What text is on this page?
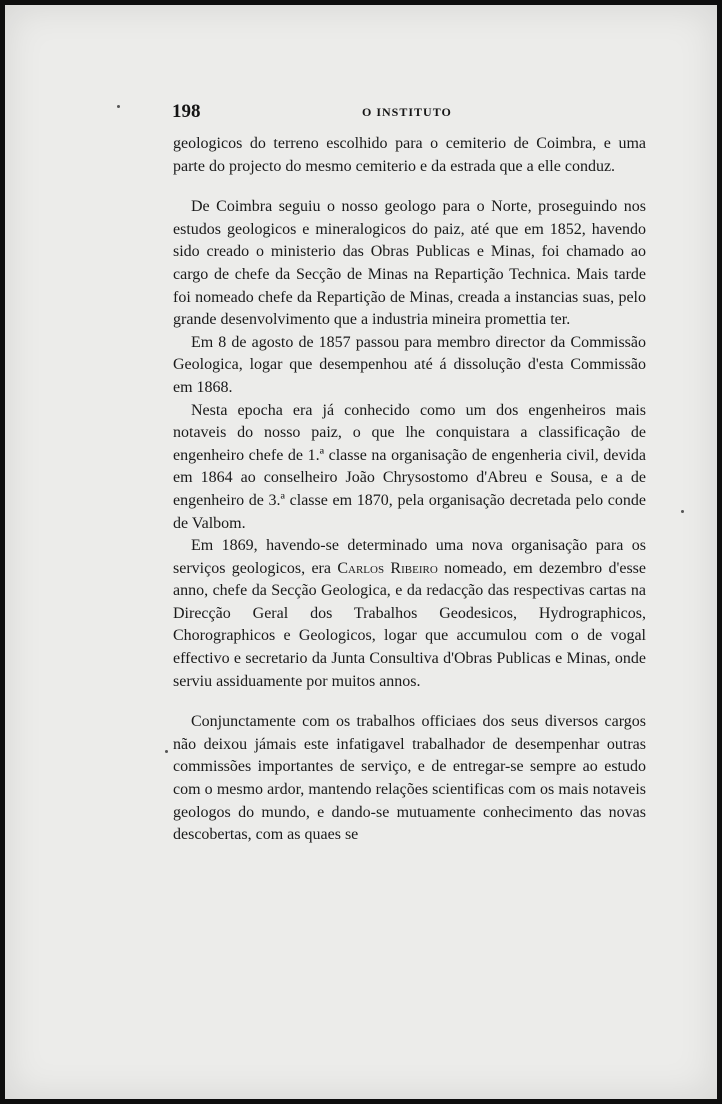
198	O INSTITUTO

geologicos do terreno escolhido para o cemiterio de Coimbra, e uma parte do projecto do mesmo cemiterio e da estrada que a elle conduz.

De Coimbra seguiu o nosso geologo para o Norte, proseguindo nos estudos geologicos e mineralogicos do paiz, até que em 1852, havendo sido creado o ministerio das Obras Publicas e Minas, foi chamado ao cargo de chefe da Secção de Minas na Repartição Technica. Mais tarde foi nomeado chefe da Repartição de Minas, creada a instancias suas, pelo grande desenvolvimento que a industria mineira promettia ter.

Em 8 de agosto de 1857 passou para membro director da Commissão Geologica, logar que desempenhou até á dissolução d'esta Commissão em 1868.

Nesta epocha era já conhecido como um dos engenheiros mais notaveis do nosso paiz, o que lhe conquistara a classificação de engenheiro chefe de 1.ª classe na organisação de engenheria civil, devida em 1864 ao conselheiro João Chrysostomo d'Abreu e Sousa, e a de engenheiro de 3.ª classe em 1870, pela organisação decretada pelo conde de Valbom.

Em 1869, havendo-se determinado uma nova organisação para os serviços geologicos, era Carlos Ribeiro nomeado, em dezembro d'esse anno, chefe da Secção Geologica, e da redacção das respectivas cartas na Direcção Geral dos Trabalhos Geodesicos, Hydrographicos, Chorographicos e Geologicos, logar que accumulou com o de vogal effectivo e secretario da Junta Consultiva d'Obras Publicas e Minas, onde serviu assiduamente por muitos annos.

Conjunctamente com os trabalhos officiaes dos seus diversos cargos não deixou jámais este infatigavel trabalhador de desempenhar outras commissões importantes de serviço, e de entregar-se sempre ao estudo com o mesmo ardor, mantendo relações scientificas com os mais notaveis geologos do mundo, e dando-se mutuamente conhecimento das novas descobertas, com as quaes se
